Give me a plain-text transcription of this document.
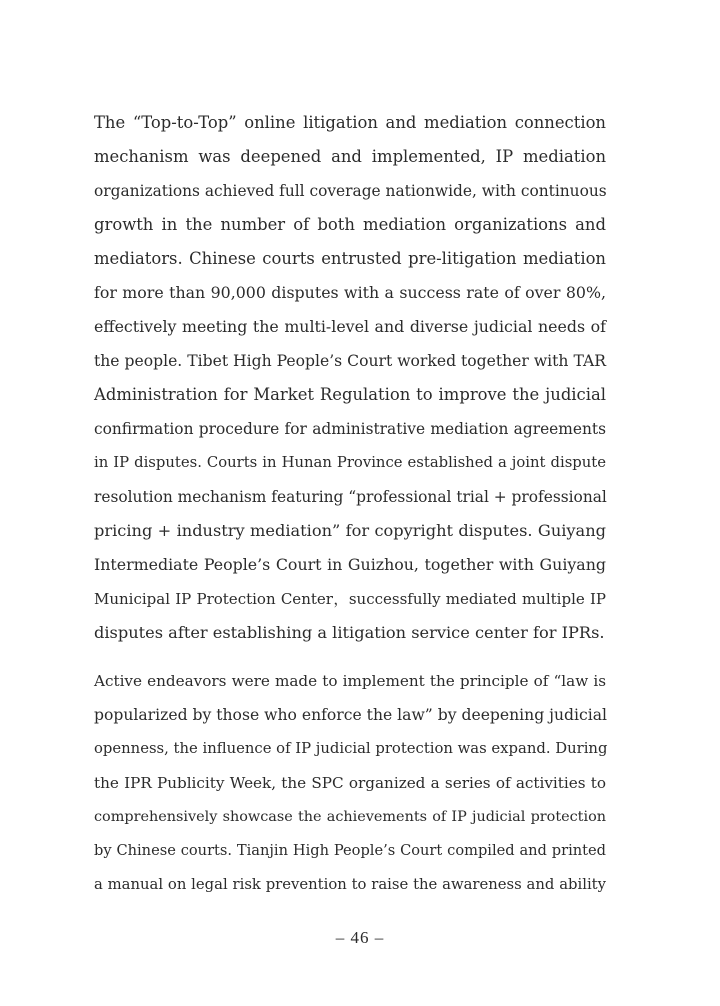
The “Top-to-Top” online litigation and mediation connection
mechanism was deepened and implemented, IP mediation
organizations achieved full coverage nationwide, with continuous
growth in the number of both mediation organizations and
mediators. Chinese courts entrusted pre-litigation mediation
for more than 90,000 disputes with a success rate of over 80%,
effectively meeting the multi-level and diverse judicial needs of
the people. Tibet High People’s Court worked together with TAR
Administration for Market Regulation to improve the judicial
confirmation procedure for administrative mediation agreements
in IP disputes. Courts in Hunan Province established a joint dispute
resolution mechanism featuring “professional trial + professional
pricing + industry mediation” for copyright disputes. Guiyang
Intermediate People’s Court in Guizhou, together with Guiyang
Municipal IP Protection Center，successfully mediated multiple IP
disputes after establishing a litigation service center for IPRs.
Active endeavors were made to implement the principle of “law is
popularized by those who enforce the law” by deepening judicial
openness, the influence of IP judicial protection was expand. During
the IPR Publicity Week, the SPC organized a series of activities to
comprehensively showcase the achievements of IP judicial protection
by Chinese courts. Tianjin High People’s Court compiled and printed
a manual on legal risk prevention to raise the awareness and ability
– 46 –
